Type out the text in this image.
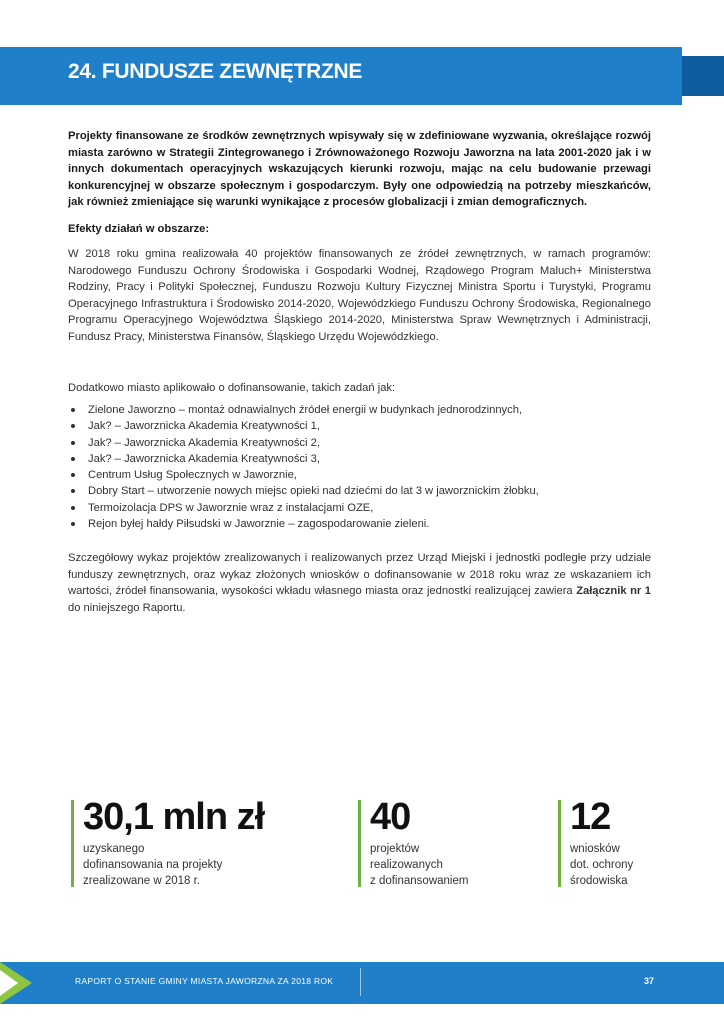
24. FUNDUSZE ZEWNĘTRZNE
Projekty finansowane ze środków zewnętrznych wpisywały się w zdefiniowane wyzwania, określające rozwój miasta zarówno w Strategii Zintegrowanego i Zrównoważonego Rozwoju Jaworzna na lata 2001-2020 jak i w innych dokumentach operacyjnych wskazujących kierunki rozwoju, mając na celu budowanie przewagi konkurencyjnej w obszarze społecznym i gospodarczym. Były one odpowiedzią na potrzeby mieszkańców, jak również zmieniające się warunki wynikające z procesów globalizacji i zmian demograficznych.
Efekty działań w obszarze:
W 2018 roku gmina realizowała 40 projektów finansowanych ze źródeł zewnętrznych, w ramach programów: Narodowego Funduszu Ochrony Środowiska i Gospodarki Wodnej, Rządowego Program Maluch+ Ministerstwa Rodziny, Pracy i Polityki Społecznej, Funduszu Rozwoju Kultury Fizycznej Ministra Sportu i Turystyki, Programu Operacyjnego Infrastruktura i Środowisko 2014-2020, Wojewódzkiego Funduszu Ochrony Środowiska, Regionalnego Programu Operacyjnego Województwa Śląskiego 2014-2020, Ministerstwa Spraw Wewnętrznych i Administracji, Fundusz Pracy, Ministerstwa Finansów, Śląskiego Urzędu Wojewódzkiego.
Dodatkowo miasto aplikowało o dofinansowanie, takich zadań jak:
Zielone Jaworzno – montaż odnawialnych źródeł energii w budynkach jednorodzinnych,
Jak? – Jaworznicka Akademia Kreatywności 1,
Jak? – Jaworznicka Akademia Kreatywności 2,
Jak? – Jaworznicka Akademia Kreatywności 3,
Centrum Usług Społecznych w Jaworznie,
Dobry Start – utworzenie nowych miejsc opieki nad dziećmi do lat 3 w jaworznickim żłobku,
Termoizolacja DPS w Jaworznie wraz z instalacjami OZE,
Rejon byłej hałdy Piłsudski w Jaworznie – zagospodarowanie zieleni.
Szczegółowy wykaz projektów zrealizowanych i realizowanych przez Urząd Miejski i jednostki podległe przy udziale funduszy zewnętrznych, oraz wykaz złożonych wniosków o dofinansowanie w 2018 roku wraz ze wskazaniem ich wartości, źródeł finansowania, wysokości wkładu własnego miasta oraz jednostki realizującej zawiera Załącznik nr 1 do niniejszego Raportu.
30,1 mln zł
uzyskanego
dofinansowania na projekty
zrealizowane w 2018 r.
40
projektów
realizowanych
z dofinansowaniem
12
wniosków
dot. ochrony
środowiska
RAPORT O STANIE GMINY MIASTA JAWORZNA ZA 2018 ROK	37
